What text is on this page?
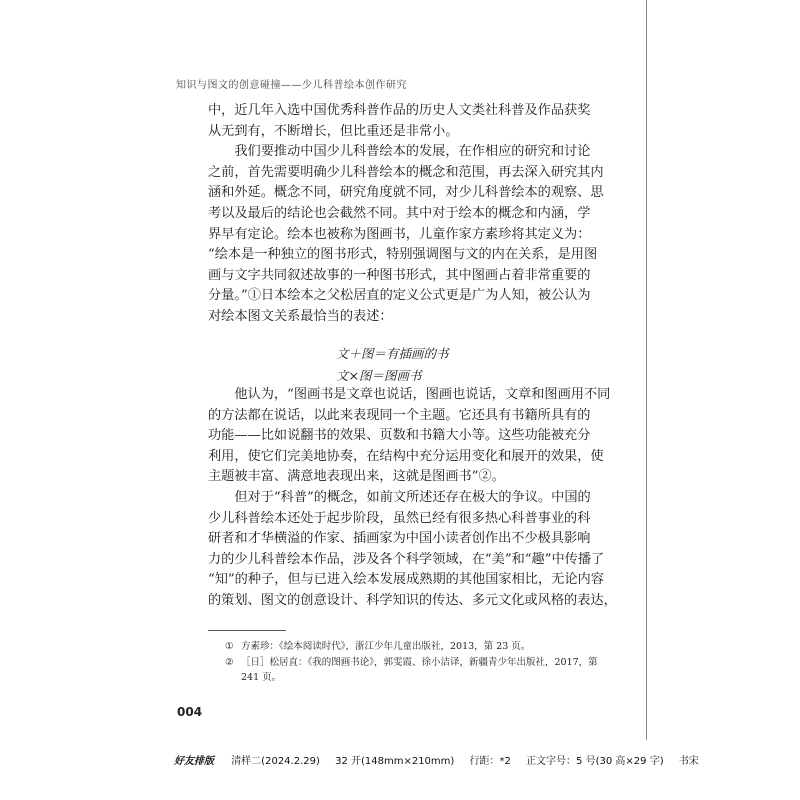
知识与图文的创意碰撞——少儿科普绘本创作研究
中，近几年入选中国优秀科普作品的历史人文类社科普及作品获奖
从无到有，不断增长，但比重还是非常小。
　　我们要推动中国少儿科普绘本的发展，在作相应的研究和讨论
之前，首先需要明确少儿科普绘本的概念和范围，再去深入研究其内
涵和外延。概念不同，研究角度就不同，对少儿科普绘本的观察、思
考以及最后的结论也会截然不同。其中对于绘本的概念和内涵，学
界早有定论。绘本也被称为图画书，儿童作家方素珍将其定义为：
“绘本是一种独立的图书形式，特别强调图与文的内在关系，是用图
画与文字共同叙述故事的一种图书形式，其中图画占着非常重要的
分量。”①日本绘本之父松居直的定义公式更是广为人知，被公认为
对绘本图文关系最恰当的表述：
文＋图＝有插画的书
文×图＝图画书
　　他认为，“图画书是文章也说话，图画也说话，文章和图画用不同
的方法都在说话，以此来表现同一个主题。它还具有书籍所具有的
功能——比如说翻书的效果、页数和书籍大小等。这些功能被充分
利用，使它们完美地协奏，在结构中充分运用变化和展开的效果，使
主题被丰富、满意地表现出来，这就是图画书”②。
　　但对于“科普”的概念，如前文所述还存在极大的争议。中国的
少儿科普绘本还处于起步阶段，虽然已经有很多热心科普事业的科
研者和才华横溢的作家、插画家为中国小读者创作出不少极具影响
力的少儿科普绘本作品，涉及各个科学领域，在“美”和“趣”中传播了
“知”的种子，但与已进入绘本发展成熟期的其他国家相比，无论内容
的策划、图文的创意设计、科学知识的传达、多元文化或风格的表达，
① 方素珍：《绘本阅读时代》，浙江少年儿童出版社，2013，第 23 页。
② ［日］松居直：《我的图画书论》，郭雯霞、徐小洁译，新疆青少年出版社，2017，第
241 页。
004
好友排版 清样二(2024.2.29) 32 开(148mm×210mm) 行距：*2 正文字号：5 号(30 高×29 字) 书宋
